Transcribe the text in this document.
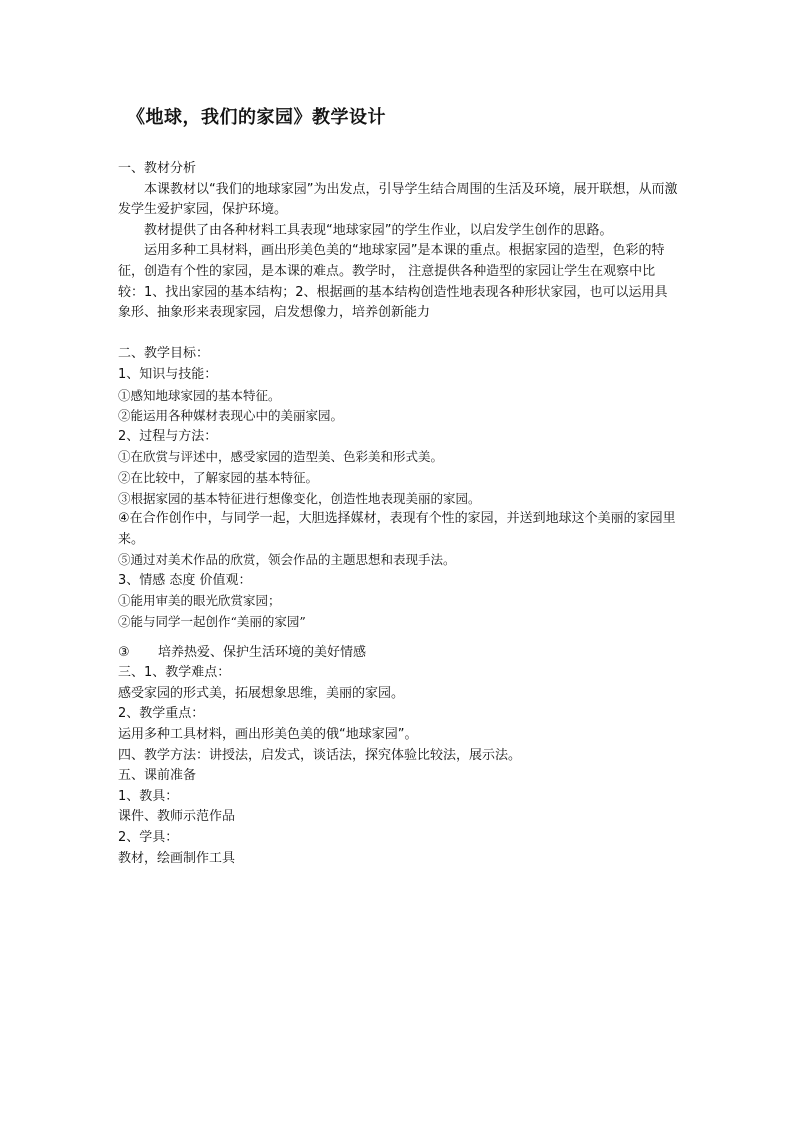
《地球，我们的家园》教学设计

一、教材分析

本课教材以“我们的地球家园”为出发点，引导学生结合周围的生活及环境，展开联想，从而激发学生爱护家园，保护环境。

教材提供了由各种材料工具表现“地球家园”的学生作业，以启发学生创作的思路。

运用多种工具材料，画出形美色美的“地球家园”是本课的重点。根据家园的造型，色彩的特征，创造有个性的家园，是本课的难点。教学时， 注意提供各种造型的家园让学生在观察中比较：1、找出家园的基本结构；2、根据画的基本结构创造性地表现各种形状家园，也可以运用具象形、抽象形来表现家园，启发想像力，培养创新能力

二、教学目标：

1、知识与技能：

①感知地球家园的基本特征。

②能运用各种媒材表现心中的美丽家园。

2、过程与方法：

①在欣赏与评述中，感受家园的造型美、色彩美和形式美。

②在比较中，了解家园的基本特征。

③根据家园的基本特征进行想像变化，创造性地表现美丽的家园。

④在合作创作中，与同学一起，大胆选择媒材，表现有个性的家园，并送到地球这个美丽的家园里来。

⑤通过对美术作品的欣赏，领会作品的主题思想和表现手法。

3、情感 态度 价值观：

①能用审美的眼光欣赏家园；

②能与同学一起创作“美丽的家园”

③ 培养热爱、保护生活环境的美好情感

三、1、教学难点：

感受家园的形式美，拓展想象思维，美丽的家园。

2、教学重点：

运用多种工具材料，画出形美色美的俄“地球家园”。

四、教学方法：讲授法，启发式，谈话法，探究体验比较法，展示法。

五、课前准备

1、教具：

课件、教师示范作品

2、学具：

教材，绘画制作工具
